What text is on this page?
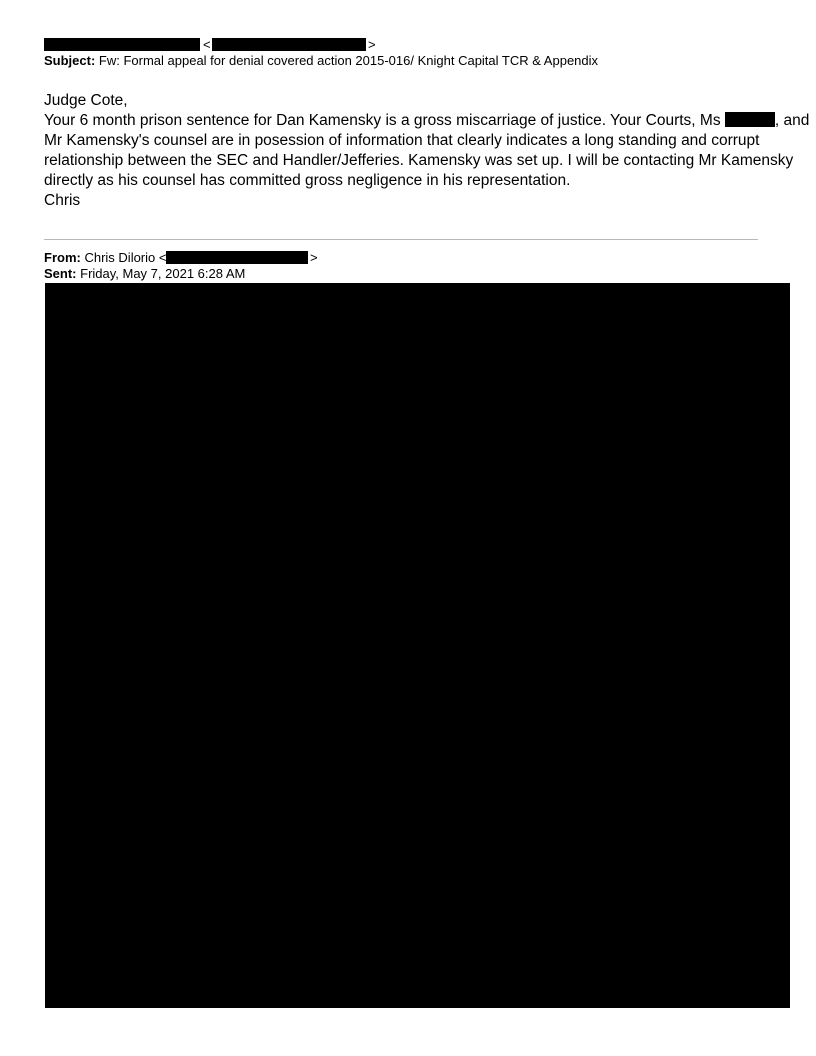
<	>
Subject: Fw: Formal appeal for denial covered action 2015-016/ Knight Capital TCR & Appendix
Judge Cote,
Your 6 month prison sentence for Dan Kamensky is a gross miscarriage of justice. Your Courts, Ms	, and
Mr Kamensky's counsel are in posession of information that clearly indicates a long standing and corrupt
relationship between the SEC and Handler/Jefferies. Kamensky was set up. I will be contacting Mr Kamensky
directly as his counsel has committed gross negligence in his representation.
Chris
From: Chris Dilorio <	>
Sent: Friday, May 7, 2021 6:28 AM
